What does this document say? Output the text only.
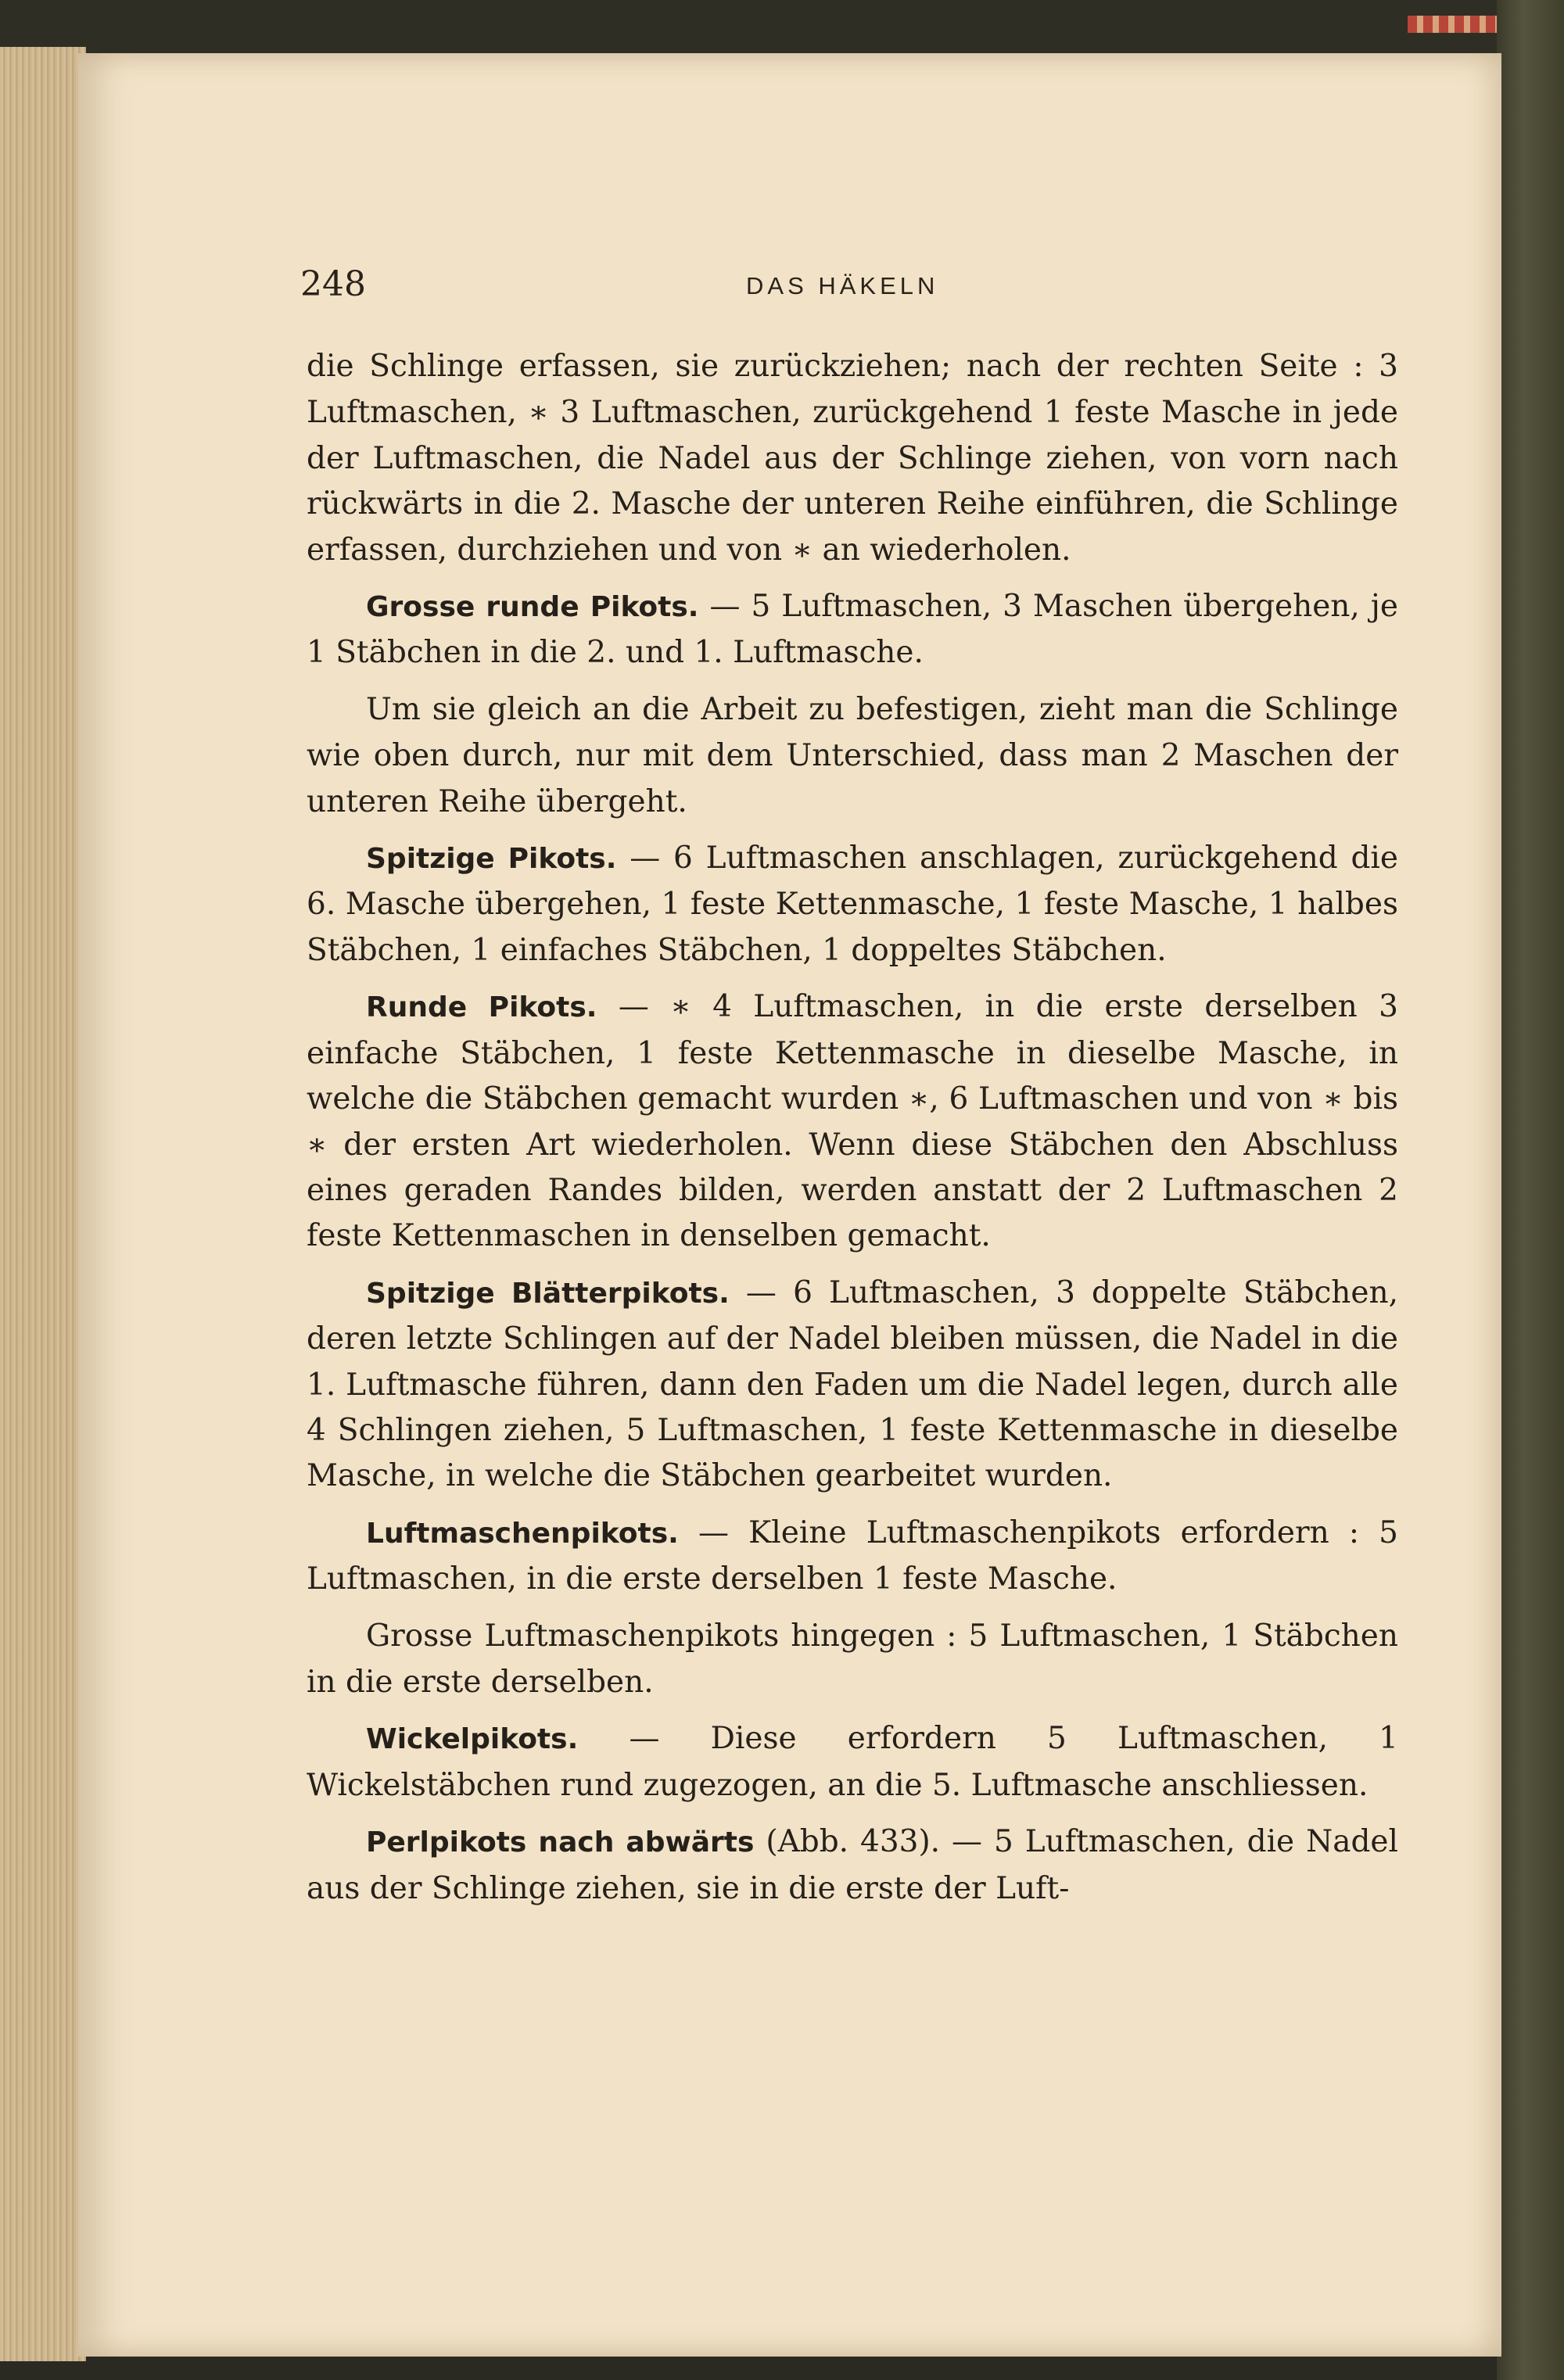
248	DAS HÄKELN

die Schlinge erfassen, sie zurückziehen; nach der rechten Seite : 3 Luftmaschen, ∗ 3 Luftmaschen, zurückgehend 1 feste Masche in jede der Luftmaschen, die Nadel aus der Schlinge ziehen, von vorn nach rückwärts in die 2. Masche der unteren Reihe einführen, die Schlinge erfassen, durchziehen und von ∗ an wiederholen.

Grosse runde Pikots. — 5 Luftmaschen, 3 Maschen übergehen, je 1 Stäbchen in die 2. und 1. Luftmasche.

Um sie gleich an die Arbeit zu befestigen, zieht man die Schlinge wie oben durch, nur mit dem Unterschied, dass man 2 Maschen der unteren Reihe übergeht.

Spitzige Pikots. — 6 Luftmaschen anschlagen, zurückgehend die 6. Masche übergehen, 1 feste Kettenmasche, 1 feste Masche, 1 halbes Stäbchen, 1 einfaches Stäbchen, 1 doppeltes Stäbchen.

Runde Pikots. — ∗ 4 Luftmaschen, in die erste derselben 3 einfache Stäbchen, 1 feste Kettenmasche in dieselbe Masche, in welche die Stäbchen gemacht wurden ∗, 6 Luftmaschen und von ∗ bis ∗ der ersten Art wiederholen. Wenn diese Stäbchen den Abschluss eines geraden Randes bilden, werden anstatt der 2 Luftmaschen 2 feste Kettenmaschen in denselben gemacht.

Spitzige Blätterpikots. — 6 Luftmaschen, 3 doppelte Stäbchen, deren letzte Schlingen auf der Nadel bleiben müssen, die Nadel in die 1. Luftmasche führen, dann den Faden um die Nadel legen, durch alle 4 Schlingen ziehen, 5 Luftmaschen, 1 feste Kettenmasche in dieselbe Masche, in welche die Stäbchen gearbeitet wurden.

Luftmaschenpikots. — Kleine Luftmaschenpikots erfordern : 5 Luftmaschen, in die erste derselben 1 feste Masche.

Grosse Luftmaschenpikots hingegen : 5 Luftmaschen, 1 Stäbchen in die erste derselben.

Wickelpikots. — Diese erfordern 5 Luftmaschen, 1 Wickelstäbchen rund zugezogen, an die 5. Luftmasche anschliessen.

Perlpikots nach abwärts (Abb. 433). — 5 Luftmaschen, die Nadel aus der Schlinge ziehen, sie in die erste der Luft-
